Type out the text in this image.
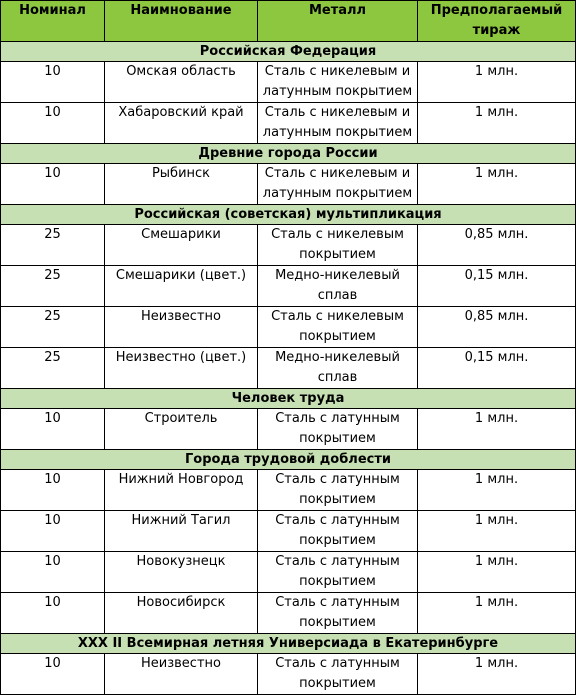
Номинал	Наимнование	Металл	Предполагаемый тираж
Российская Федерация			
10	Омская область	Сталь с никелевым и латунным покрытием	1 млн.
10	Хабаровский край	Сталь с никелевым и латунным покрытием	1 млн.
Древние города России			
10	Рыбинск	Сталь с никелевым и латунным покрытием	1 млн.
Российская (советская) мультипликация			
25	Смешарики	Сталь с никелевым покрытием	0,85 млн.
25	Смешарики (цвет.)	Медно-никелевый сплав	0,15 млн.
25	Неизвестно	Сталь с никелевым покрытием	0,85 млн.
25	Неизвестно (цвет.)	Медно-никелевый сплав	0,15 млн.
Человек труда			
10	Строитель	Сталь с латунным покрытием	1 млн.
Города трудовой доблести			
10	Нижний Новгород	Сталь с латунным покрытием	1 млн.
10	Нижний Тагил	Сталь с латунным покрытием	1 млн.
10	Новокузнецк	Сталь с латунным покрытием	1 млн.
10	Новосибирск	Сталь с латунным покрытием	1 млн.
XXX II Всемирная летняя Универсиада в Екатеринбурге			
10	Неизвестно	Сталь с латунным покрытием	1 млн.
